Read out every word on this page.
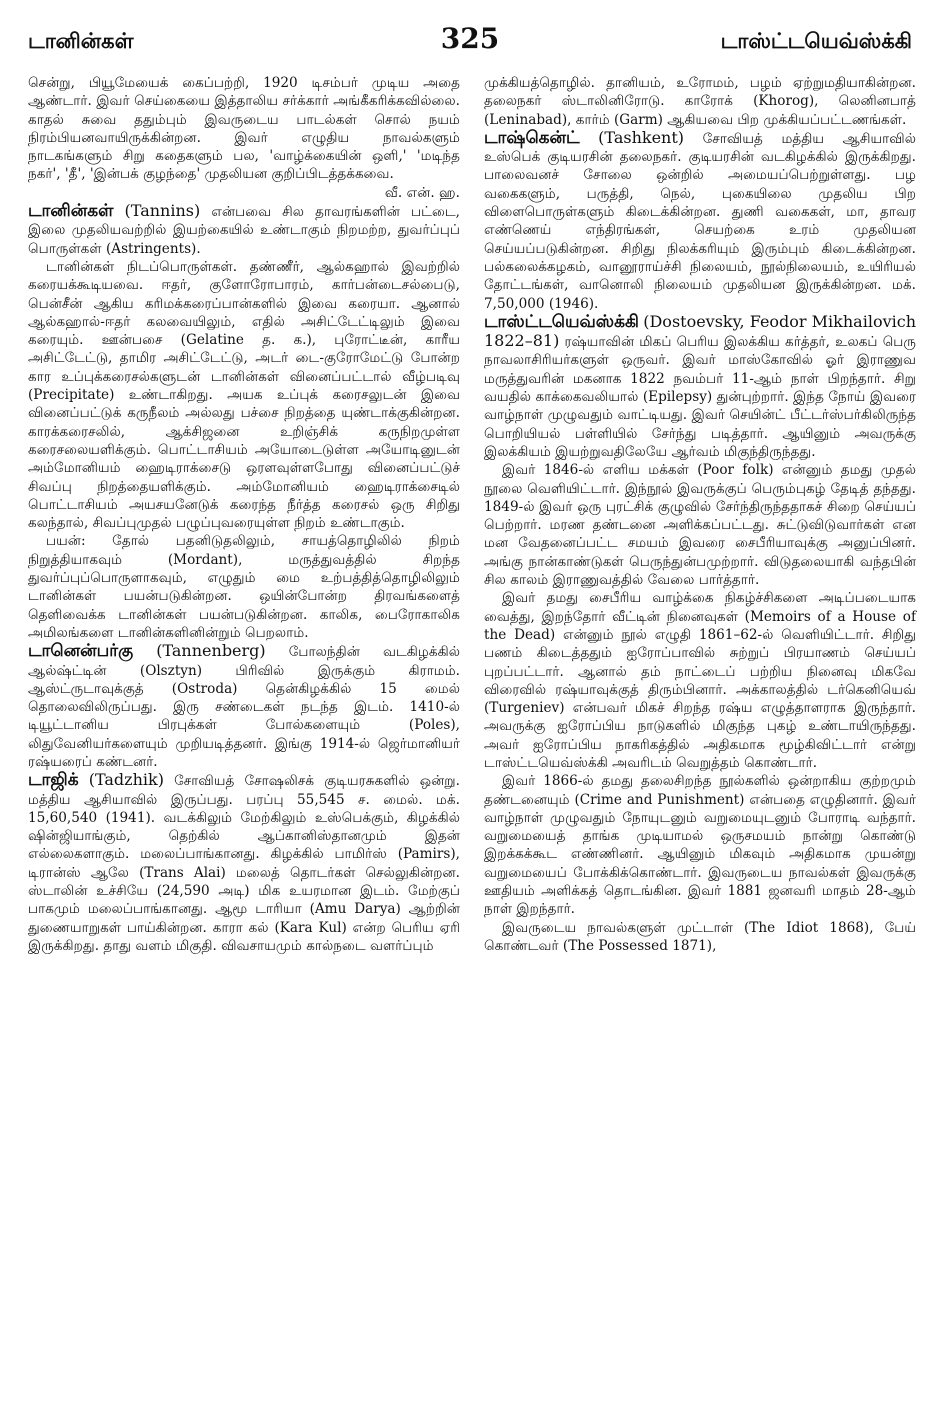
டானின்கள்	325	டாஸ்ட்டயெவ்ஸ்க்கி

சென்று, பியூமேயைக் கைப்பற்றி, 1920 டிசம்பர் முடிய அதை ஆண்டார். இவர் செய்கையை இத்தாலிய சர்க்கார் அங்கீகரிக்கவில்லை. காதல் சுவை ததும்பும் இவருடைய பாடல்கள் சொல் நயம் நிரம்பியனவாயிருக்கின்றன. இவர் எழுதிய நாவல்களும் நாடகங்களும் சிறு கதைகளும் பல, 'வாழ்க்கையின் ஒளி,' 'மடிந்த நகர்', 'தீ', 'இன்பக் குழந்தை' முதலியன குறிப்பிடத்தக்கவை.

வீ. என். ஹ.

டானின்கள் (Tannins) என்பவை சில தாவரங்களின் பட்டை, இலை முதலியவற்றில் இயற்கையில் உண்டாகும் நிறமற்ற, துவர்ப்புப் பொருள்கள் (Astringents).

டானின்கள் நிடப்பொருள்கள். தண்ணீர், ஆல்கஹால் இவற்றில் கரையக்கூடியவை. ஈதர், குளோரோபாரம், கார்பன்டைசல்பைடு, பென்சீன் ஆகிய கரிமக்கரைப்பான்களில் இவை கரையா. ஆனால் ஆல்கஹால்-ஈதர் கலவையிலும், எதில் அசிட்டேட்டிலும் இவை கரையும். ஊன்பசை (Gelatine த. க.), புரோட்டீன், காரீய அசிட்டேட்டு, தாமிர அசிட்டேட்டு, அடர் டை-குரோமேட்டு போன்ற கார உப்புக்கரைசல்களுடன் டானின்கள் வினைப்பட்டால் வீழ்படிவு (Precipitate) உண்டாகிறது. அயக உப்புக் கரைசலுடன் இவை வினைப்பட்டுக் கருநீலம் அல்லது பச்சை நிறத்தை யுண்டாக்குகின்றன. காரக்கரைசலில், ஆக்சிஜனை உறிஞ்சிக் கருநிறமுள்ள கரைசலையளிக்கும். பொட்டாசியம் அயோடைடுள்ள அயோடினுடன் அம்மோனியம் ஹைடிராக்சைடு ஒரளவுள்ளபோது வினைப்பட்டுச் சிவப்பு நிறத்தையளிக்கும். அம்மோனியம் ஹைடிராக்சைடில் பொட்டாசியம் அயசயனேடுக் கரைந்த நீர்த்த கரைசல் ஒரு சிறிது கலந்தால், சிவப்புமுதல் பழுப்புவரையுள்ள நிறம் உண்டாகும்.

பயன்: தோல் பதனிடுதலிலும், சாயத்தொழிலில் நிறம் நிறுத்தியாகவும் (Mordant), மருத்துவத்தில் சிறந்த துவர்ப்புப்பொருளாகவும், எழுதும் மை உற்பத்தித்தொழிலிலும் டானின்கள் பயன்படுகின்றன. ஒயின்போன்ற திரவங்களைத் தெளிவைக்க டானின்கள் பயன்படுகின்றன. காலிக, பைரோகாலிக அமிலங்களை டானின்களினின்றும் பெறலாம்.

டானென்பர்கு (Tannenberg) போலந்தின் வடகிழக்கில் ஆல்ஷ்ட்டின் (Olsztyn) பிரிவில் இருக்கும் கிராமம். ஆஸ்ட்ருடாவுக்குத் (Ostroda) தென்கிழக்கில் 15 மைல் தொலைவிலிருப்பது. இரு சண்டைகள் நடந்த இடம். 1410-ல் டியூட்டானிய பிரபுக்கள் போல்களையும் (Poles), லிதுவேனியர்களையும் முறியடித்தனர். இங்கு 1914-ல் ஜெர்மானியர் ரஷ்யரைப் கண்டனர்.

டாஜிக் (Tadzhik) சோவியத் சோஷலிசக் குடியரசுகளில் ஒன்று. மத்திய ஆசியாவில் இருப்பது. பரப்பு 55,545 ச. மைல். மக். 15,60,540 (1941). வடக்கிலும் மேற்கிலும் உஸ்பெக்கும், கிழக்கில் ஷின்ஜியாங்கும், தெற்கில் ஆப்கானிஸ்தானமும் இதன் எல்லைகளாகும். மலைப்பாங்கானது. கிழக்கில் பாமிர்ஸ் (Pamirs), டிரான்ஸ் ஆலே (Trans Alai) மலைத் தொடர்கள் செல்லுகின்றன. ஸ்டாலின் உச்சியே (24,590 அடி) மிக உயரமான இடம். மேற்குப் பாகமும் மலைப்பாங்கானது. ஆமூ டாரியா (Amu Darya) ஆற்றின் துணையாறுகள் பாய்கின்றன. காரா கல் (Kara Kul) என்ற பெரிய ஏரி இருக்கிறது. தாது வளம் மிகுதி. விவசாயமும் கால்நடை வளர்ப்பும்

முக்கியத்தொழில். தானியம், உரோமம், பழம் ஏற்றுமதியாகின்றன. தலைநகர் ஸ்டாலினிரோடு. காரோக் (Khorog), லெனினபாத் (Leninabad), கார்ம் (Garm) ஆகியவை பிற முக்கியப்பட்டணங்கள்.

டாஷ்கென்ட் (Tashkent) சோவியத் மத்திய ஆசியாவில் உஸ்பெக் குடியரசின் தலைநகர். குடியரசின் வடகிழக்கில் இருக்கிறது. பாலைவனச் சோலை ஒன்றில் அமையப்பெற்றுள்ளது. பழ வகைகளும், பருத்தி, நெல், புகையிலை முதலிய பிற விளைபொருள்களும் கிடைக்கின்றன. துணி வகைகள், மா, தாவர எண்ணெய் எந்திரங்கள், செயற்கை உரம் முதலியன செய்யப்படுகின்றன. சிறிது நிலக்கரியும் இரும்பும் கிடைக்கின்றன. பல்கலைக்கழகம், வானூராய்ச்சி நிலையம், நூல்நிலையம், உயிரியல் தோட்டங்கள், வானொலி நிலையம் முதலியன இருக்கின்றன. மக். 7,50,000 (1946).

டாஸ்ட்டயெவ்ஸ்க்கி (Dostoevsky, Feodor Mikhailovich 1822–81) ரஷ்யாவின் மிகப் பெரிய இலக்கிய கர்த்தர், உலகப் பெரு நாவலாசிரியர்களுள் ஒருவர். இவர் மாஸ்கோவில் ஓர் இராணுவ மருத்துவரின் மகனாக 1822 நவம்பர் 11-ஆம் நாள் பிறந்தார். சிறு வயதில் காக்கைவலியால் (Epilepsy) துன்புற்றார். இந்த நோய் இவரை வாழ்நாள் முழுவதும் வாட்டியது. இவர் செயின்ட் பீட்டர்ஸ்பர்கிலிருந்த பொறியியல் பள்ளியில் சேர்ந்து படித்தார். ஆயினும் அவருக்கு இலக்கியம் இயற்றுவதிலேயே ஆர்வம் மிகுந்திருந்தது.

இவர் 1846-ல் எளிய மக்கள் (Poor folk) என்னும் தமது முதல் நூலை வெளியிட்டார். இந்நூல் இவருக்குப் பெரும்புகழ் தேடித் தந்தது. 1849-ல் இவர் ஒரு புரட்சிக் குழுவில் சேர்ந்திருந்ததாகச் சிறை செய்யப் பெற்றார். மரண தண்டனை அளிக்கப்பட்டது. சுட்டுவிடுவார்கள் என மன வேதனைப்பட்ட சமயம் இவரை சைபீரியாவுக்கு அனுப்பினர். அங்கு நான்காண்டுகள் பெருந்துன்பமுற்றார். விடுதலையாகி வந்தபின் சில காலம் இராணுவத்தில் வேலை பார்த்தார்.

இவர் தமது சைபீரிய வாழ்க்கை நிகழ்ச்சிகளை அடிப்படையாக வைத்து, இறந்தோர் வீட்டின் நினைவுகள் (Memoirs of a House of the Dead) என்னும் நூல் எழுதி 1861–62-ல் வெளியிட்டார். சிறிது பணம் கிடைத்ததும் ஐரோப்பாவில் சுற்றுப் பிரயாணம் செய்யப் புறப்பட்டார். ஆனால் தம் நாட்டைப் பற்றிய நினைவு மிகவே விரைவில் ரஷ்யாவுக்குத் திரும்பினார். அக்காலத்தில் டர்கெனியெவ் (Turgeniev) என்பவர் மிகச் சிறந்த ரஷ்ய எழுத்தாளராக இருந்தார். அவருக்கு ஐரோப்பிய நாடுகளில் மிகுந்த புகழ் உண்டாயிருந்தது. அவர் ஐரோப்பிய நாகரிகத்தில் அதிகமாக மூழ்கிவிட்டார் என்று டாஸ்ட்டயெவ்ஸ்க்கி அவரிடம் வெறுத்தம் கொண்டார்.

இவர் 1866-ல் தமது தலைசிறந்த நூல்களில் ஒன்றாகிய குற்றமும் தண்டனையும் (Crime and Punishment) என்பதை எழுதினார். இவர் வாழ்நாள் முழுவதும் நோயுடனும் வறுமையுடனும் போராடி வந்தார். வறுமையைத் தாங்க முடியாமல் ஒருசமயம் நான்று கொண்டு இறக்கக்கூட எண்ணினர். ஆயினும் மிகவும் அதிகமாக முயன்று வறுமையைப் போக்கிக்கொண்டார். இவருடைய நாவல்கள் இவருக்கு ஊதியம் அளிக்கத் தொடங்கின. இவர் 1881 ஜனவரி மாதம் 28-ஆம் நாள் இறந்தார்.

இவருடைய நாவல்களுள் முட்டாள் (The Idiot 1868), பேய் கொண்டவர் (The Possessed 1871),
